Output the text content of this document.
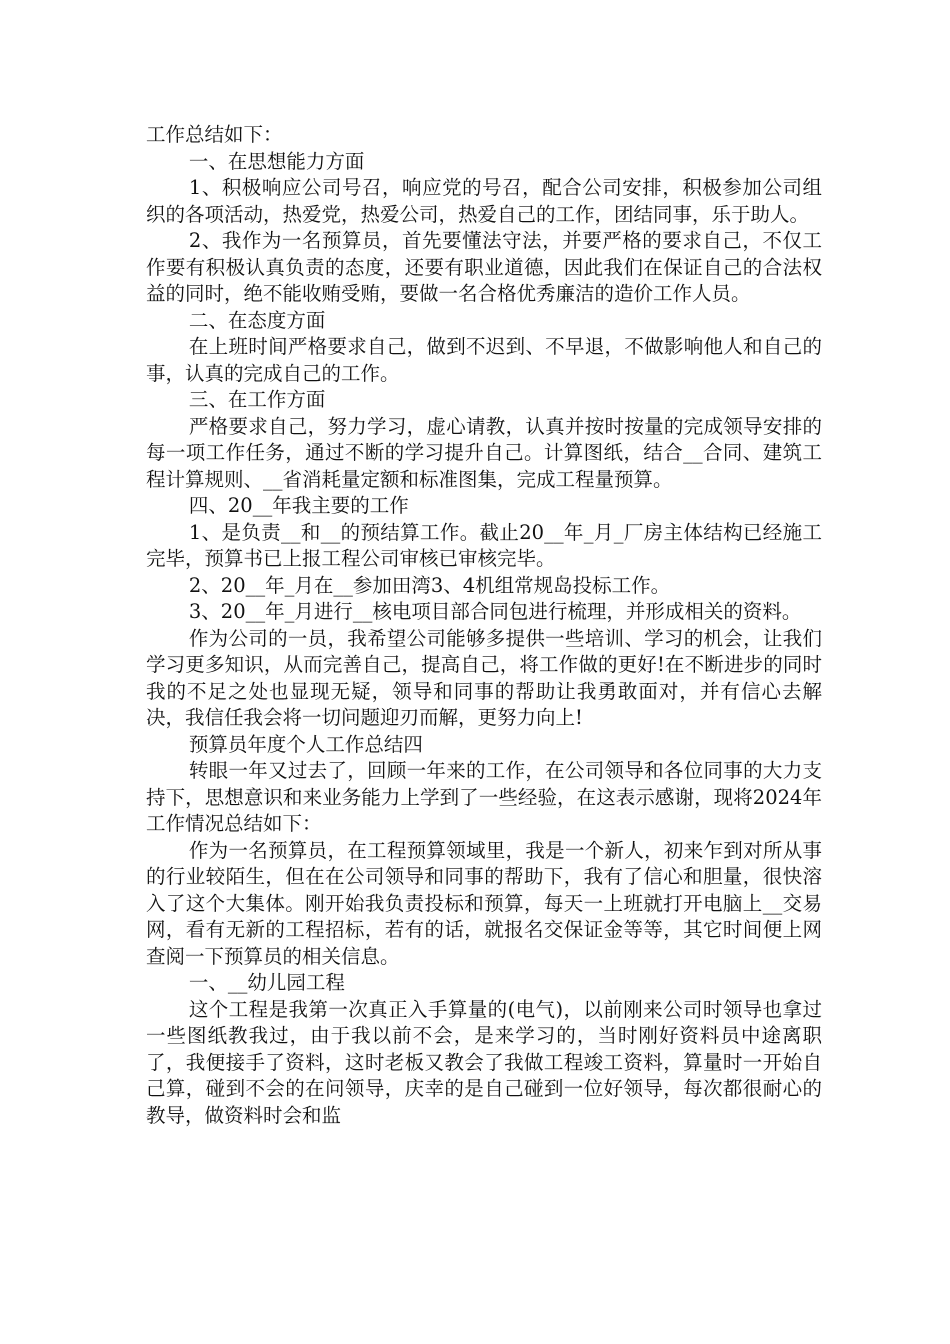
工作总结如下：

一、在思想能力方面

1、积极响应公司号召，响应党的号召，配合公司安排，积极参加公司组织的各项活动，热爱党，热爱公司，热爱自己的工作，团结同事，乐于助人。

2、我作为一名预算员，首先要懂法守法，并要严格的要求自己，不仅工作要有积极认真负责的态度，还要有职业道德，因此我们在保证自己的合法权益的同时，绝不能收贿受贿，要做一名合格优秀廉洁的造价工作人员。

二、在态度方面

在上班时间严格要求自己，做到不迟到、不早退，不做影响他人和自己的事，认真的完成自己的工作。

三、在工作方面

严格要求自己，努力学习，虚心请教，认真并按时按量的完成领导安排的每一项工作任务，通过不断的学习提升自己。计算图纸，结合__合同、建筑工程计算规则、__省消耗量定额和标准图集，完成工程量预算。

四、20__年我主要的工作

1、是负责__和__的预结算工作。截止20__年_月_厂房主体结构已经施工完毕，预算书已上报工程公司审核已审核完毕。

2、20__年_月在__参加田湾3、4机组常规岛投标工作。

3、20__年_月进行__核电项目部合同包进行梳理，并形成相关的资料。

作为公司的一员，我希望公司能够多提供一些培训、学习的机会，让我们学习更多知识，从而完善自己，提高自己，将工作做的更好!在不断进步的同时我的不足之处也显现无疑，领导和同事的帮助让我勇敢面对，并有信心去解决，我信任我会将一切问题迎刃而解，更努力向上!

预算员年度个人工作总结四

转眼一年又过去了，回顾一年来的工作，在公司领导和各位同事的大力支持下，思想意识和来业务能力上学到了一些经验，在这表示感谢，现将2024年工作情况总结如下：

作为一名预算员，在工程预算领域里，我是一个新人，初来乍到对所从事的行业较陌生，但在在公司领导和同事的帮助下，我有了信心和胆量，很快溶入了这个大集体。刚开始我负责投标和预算，每天一上班就打开电脑上__交易网，看有无新的工程招标，若有的话，就报名交保证金等等，其它时间便上网查阅一下预算员的相关信息。

一、__幼儿园工程

这个工程是我第一次真正入手算量的(电气)，以前刚来公司时领导也拿过一些图纸教我过，由于我以前不会，是来学习的，当时刚好资料员中途离职了，我便接手了资料，这时老板又教会了我做工程竣工资料，算量时一开始自己算，碰到不会的在问领导，庆幸的是自己碰到一位好领导，每次都很耐心的教导，做资料时会和监
